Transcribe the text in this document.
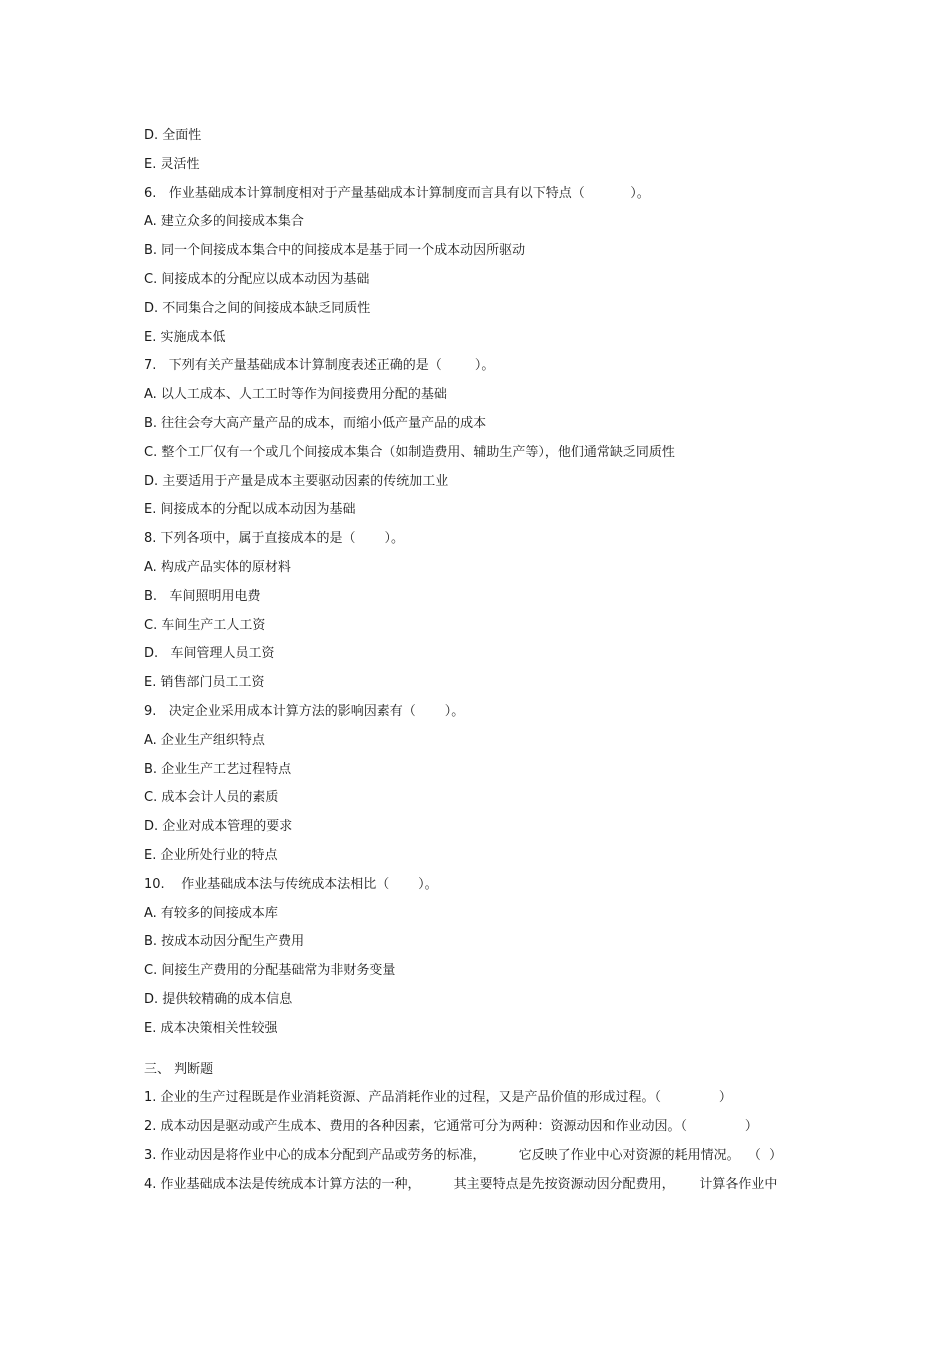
D. 全面性
E. 灵活性
6.   作业基础成本计算制度相对于产量基础成本计算制度而言具有以下特点（           ）。
A. 建立众多的间接成本集合
B. 同一个间接成本集合中的间接成本是基于同一个成本动因所驱动
C. 间接成本的分配应以成本动因为基础
D. 不同集合之间的间接成本缺乏同质性
E. 实施成本低
7.   下列有关产量基础成本计算制度表述正确的是（        ）。
A. 以人工成本、人工工时等作为间接费用分配的基础
B. 往往会夸大高产量产品的成本，而缩小低产量产品的成本
C. 整个工厂仅有一个或几个间接成本集合（如制造费用、辅助生产等），他们通常缺乏同质性
D. 主要适用于产量是成本主要驱动因素的传统加工业
E. 间接成本的分配以成本动因为基础
8. 下列各项中，属于直接成本的是（       ）。
A. 构成产品实体的原材料
B.   车间照明用电费
C. 车间生产工人工资
D.   车间管理人员工资
E. 销售部门员工工资
9.   决定企业采用成本计算方法的影响因素有（       ）。
A. 企业生产组织特点
B. 企业生产工艺过程特点
C. 成本会计人员的素质
D. 企业对成本管理的要求
E. 企业所处行业的特点
10.    作业基础成本法与传统成本法相比（       ）。
A. 有较多的间接成本库
B. 按成本动因分配生产费用
C. 间接生产费用的分配基础常为非财务变量
D. 提供较精确的成本信息
E. 成本决策相关性较强
三、 判断题
1. 企业的生产过程既是作业消耗资源、产品消耗作业的过程，又是产品价值的形成过程。（              ）
2. 成本动因是驱动或产生成本、费用的各种因素，它通常可分为两种：资源动因和作业动因。（              ）
3. 作业动因是将作业中心的成本分配到产品或劳务的标准，        它反映了作业中心对资源的耗用情况。  （  ）
4. 作业基础成本法是传统成本计算方法的一种，        其主要特点是先按资源动因分配费用，      计算各作业中
